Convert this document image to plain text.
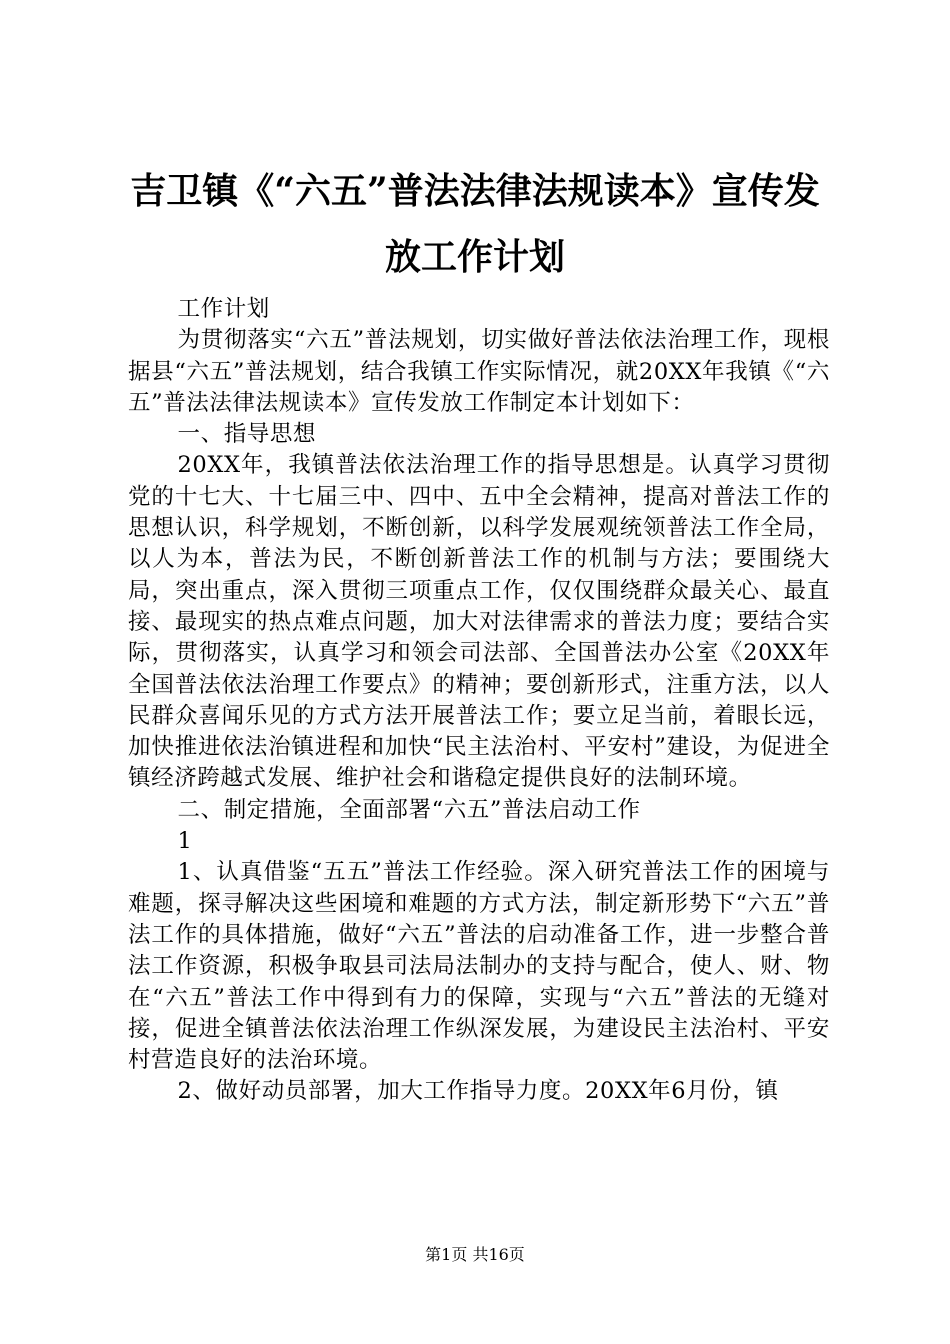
吉卫镇《“六五”普法法律法规读本》宣传发
放工作计划

工作计划

为贯彻落实“六五”普法规划，切实做好普法依法治理工作，现根据县“六五”普法规划，结合我镇工作实际情况，就20XX年我镇《“六五”普法法律法规读本》宣传发放工作制定本计划如下：

一、指导思想

20XX年，我镇普法依法治理工作的指导思想是。认真学习贯彻党的十七大、十七届三中、四中、五中全会精神，提高对普法工作的思想认识，科学规划，不断创新，以科学发展观统领普法工作全局，以人为本，普法为民，不断创新普法工作的机制与方法；要围绕大局，突出重点，深入贯彻三项重点工作，仅仅围绕群众最关心、最直接、最现实的热点难点问题，加大对法律需求的普法力度；要结合实际，贯彻落实，认真学习和领会司法部、全国普法办公室《20XX年全国普法依法治理工作要点》的精神；要创新形式，注重方法，以人民群众喜闻乐见的方式方法开展普法工作；要立足当前，着眼长远，加快推进依法治镇进程和加快“民主法治村、平安村”建设，为促进全镇经济跨越式发展、维护社会和谐稳定提供良好的法制环境。

二、制定措施，全面部署“六五”普法启动工作

1

1、认真借鉴“五五”普法工作经验。深入研究普法工作的困境与难题，探寻解决这些困境和难题的方式方法，制定新形势下“六五”普法工作的具体措施，做好“六五”普法的启动准备工作，进一步整合普法工作资源，积极争取县司法局法制办的支持与配合，使人、财、物在“六五”普法工作中得到有力的保障，实现与“六五”普法的无缝对接，促进全镇普法依法治理工作纵深发展，为建设民主法治村、平安村营造良好的法治环境。

2、做好动员部署，加大工作指导力度。20XX年6月份，镇

第1页 共16页
